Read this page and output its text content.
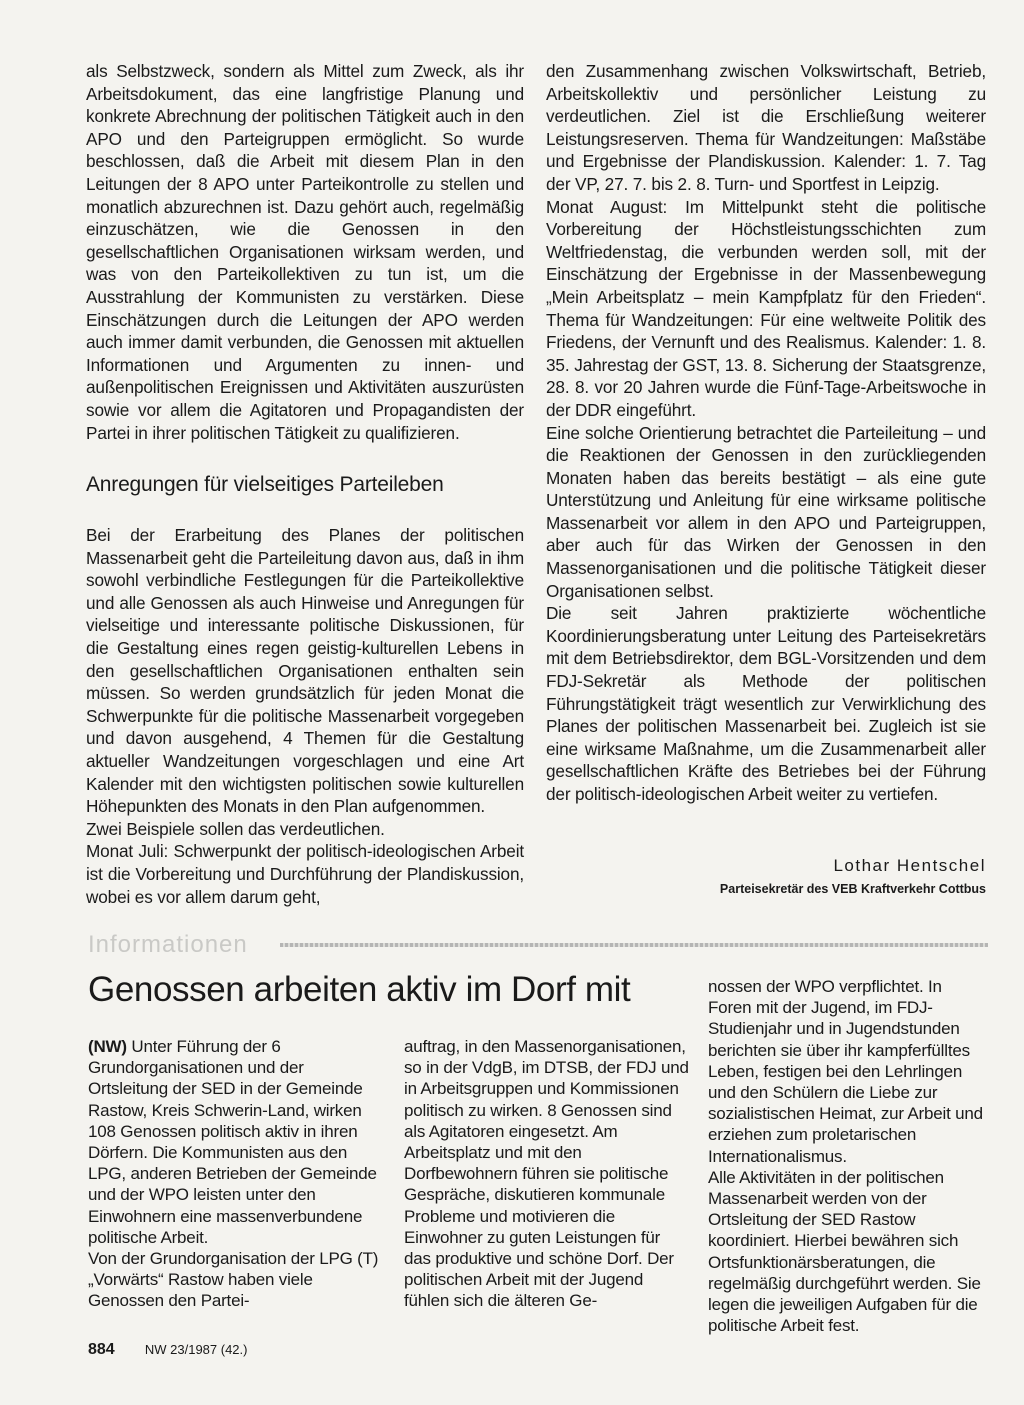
als Selbstzweck, sondern als Mittel zum Zweck, als ihr Arbeitsdokument, das eine langfristige Planung und konkrete Abrechnung der politischen Tätigkeit auch in den APO und den Parteigruppen ermöglicht. So wurde beschlossen, daß die Arbeit mit diesem Plan in den Leitungen der 8 APO unter Parteikontrolle zu stellen und monatlich abzurechnen ist. Dazu gehört auch, regelmäßig einzuschätzen, wie die Genossen in den gesellschaftlichen Organisationen wirksam werden, und was von den Parteikollektiven zu tun ist, um die Ausstrahlung der Kommunisten zu verstärken. Diese Einschätzungen durch die Leitungen der APO werden auch immer damit verbunden, die Genossen mit aktuellen Informationen und Argumenten zu innen- und außenpolitischen Ereignissen und Aktivitäten auszurüsten sowie vor allem die Agitatoren und Propagandisten der Partei in ihrer politischen Tätigkeit zu qualifizieren.

Anregungen für vielseitiges Parteileben

Bei der Erarbeitung des Planes der politischen Massenarbeit geht die Parteileitung davon aus, daß in ihm sowohl verbindliche Festlegungen für die Parteikollektive und alle Genossen als auch Hinweise und Anregungen für vielseitige und interessante politische Diskussionen, für die Gestaltung eines regen geistig-kulturellen Lebens in den gesellschaftlichen Organisationen enthalten sein müssen. So werden grundsätzlich für jeden Monat die Schwerpunkte für die politische Massenarbeit vorgegeben und davon ausgehend, 4 Themen für die Gestaltung aktueller Wandzeitungen vorgeschlagen und eine Art Kalender mit den wichtigsten politischen sowie kulturellen Höhepunkten des Monats in den Plan aufgenommen.

Zwei Beispiele sollen das verdeutlichen.

Monat Juli: Schwerpunkt der politisch-ideologischen Arbeit ist die Vorbereitung und Durchführung der Plandiskussion, wobei es vor allem darum geht,

den Zusammenhang zwischen Volkswirtschaft, Betrieb, Arbeitskollektiv und persönlicher Leistung zu verdeutlichen. Ziel ist die Erschließung weiterer Leistungsreserven. Thema für Wandzeitungen: Maßstäbe und Ergebnisse der Plandiskussion. Kalender: 1. 7. Tag der VP, 27. 7. bis 2. 8. Turn- und Sportfest in Leipzig.

Monat August: Im Mittelpunkt steht die politische Vorbereitung der Höchstleistungsschichten zum Weltfriedenstag, die verbunden werden soll, mit der Einschätzung der Ergebnisse in der Massenbewegung „Mein Arbeitsplatz – mein Kampfplatz für den Frieden“. Thema für Wandzeitungen: Für eine weltweite Politik des Friedens, der Vernunft und des Realismus. Kalender: 1. 8. 35. Jahrestag der GST, 13. 8. Sicherung der Staatsgrenze, 28. 8. vor 20 Jahren wurde die Fünf-Tage-Arbeitswoche in der DDR eingeführt.

Eine solche Orientierung betrachtet die Parteileitung – und die Reaktionen der Genossen in den zurückliegenden Monaten haben das bereits bestätigt – als eine gute Unterstützung und Anleitung für eine wirksame politische Massenarbeit vor allem in den APO und Parteigruppen, aber auch für das Wirken der Genossen in den Massenorganisationen und die politische Tätigkeit dieser Organisationen selbst.

Die seit Jahren praktizierte wöchentliche Koordinierungsberatung unter Leitung des Parteisekretärs mit dem Betriebsdirektor, dem BGL-Vorsitzenden und dem FDJ-Sekretär als Methode der politischen Führungstätigkeit trägt wesentlich zur Verwirklichung des Planes der politischen Massenarbeit bei. Zugleich ist sie eine wirksame Maßnahme, um die Zusammenarbeit aller gesellschaftlichen Kräfte des Betriebes bei der Führung der politisch-ideologischen Arbeit weiter zu vertiefen.

Lothar Hentschel
Parteisekretär des VEB Kraftverkehr Cottbus
Informationen
Genossen arbeiten aktiv im Dorf mit

(NW) Unter Führung der 6 Grundorganisationen und der Ortsleitung der SED in der Gemeinde Rastow, Kreis Schwerin-Land, wirken 108 Genossen politisch aktiv in ihren Dörfern. Die Kommunisten aus den LPG, anderen Betrieben der Gemeinde und der WPO leisten unter den Einwohnern eine massenverbundene politische Arbeit.

Von der Grundorganisation der LPG (T) „Vorwärts“ Rastow haben viele Genossen den Partei-

auftrag, in den Massenorganisationen, so in der VdgB, im DTSB, der FDJ und in Arbeitsgruppen und Kommissionen politisch zu wirken. 8 Genossen sind als Agitatoren eingesetzt. Am Arbeitsplatz und mit den Dorfbewohnern führen sie politische Gespräche, diskutieren kommunale Probleme und motivieren die Einwohner zu guten Leistungen für das produktive und schöne Dorf. Der politischen Arbeit mit der Jugend fühlen sich die älteren Ge-

nossen der WPO verpflichtet. In Foren mit der Jugend, im FDJ-Studienjahr und in Jugendstunden berichten sie über ihr kampferfülltes Leben, festigen bei den Lehrlingen und den Schülern die Liebe zur sozialistischen Heimat, zur Arbeit und erziehen zum proletarischen Internationalismus.

Alle Aktivitäten in der politischen Massenarbeit werden von der Ortsleitung der SED Rastow koordiniert. Hierbei bewähren sich Ortsfunktionärsberatungen, die regelmäßig durchgeführt werden. Sie legen die jeweiligen Aufgaben für die politische Arbeit fest.

884 NW 23/1987 (42.)
